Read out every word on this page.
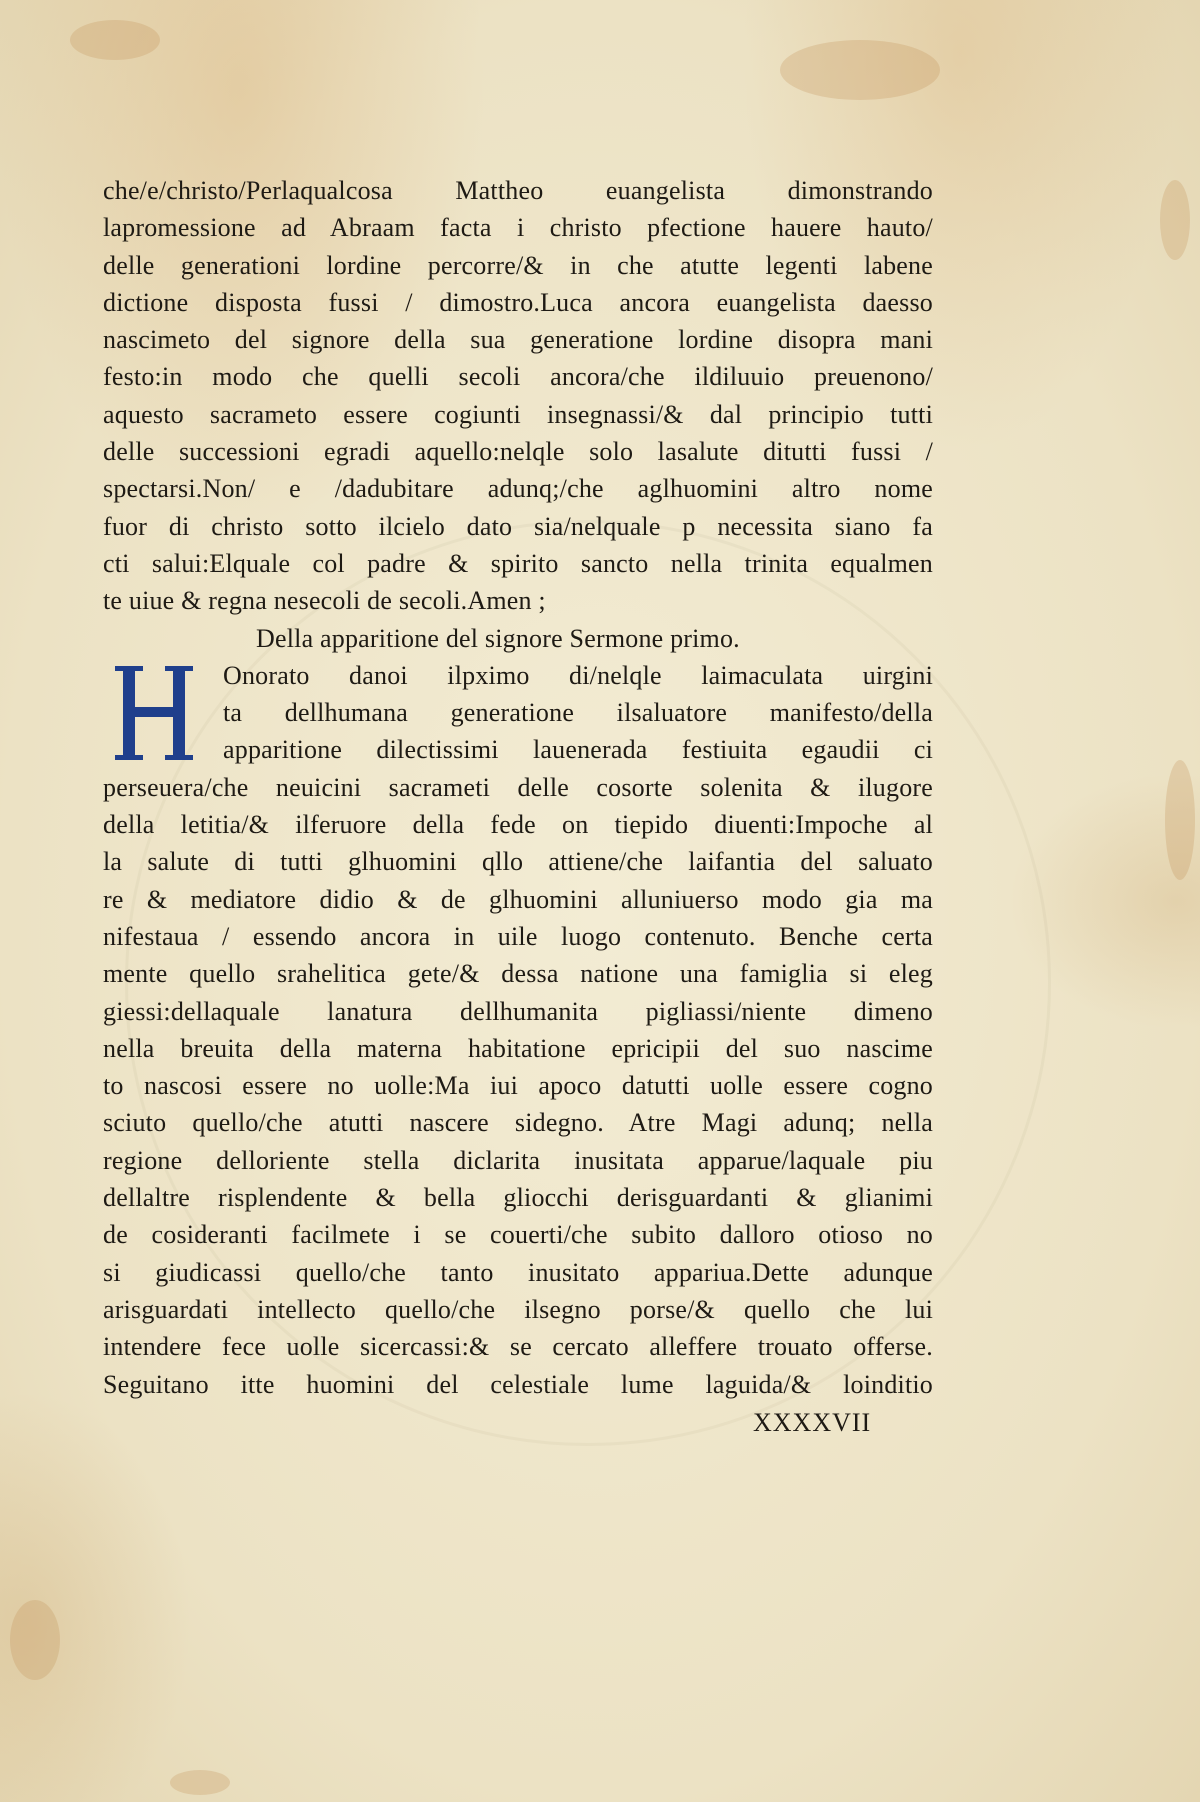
che/e/christo/Perlaqualcosa Mattheo euangelista dimonstrando
lapromessione ad Abraam facta i christo pfectione hauere hauto/
delle generationi lordine percorre/& in che atutte legenti labene
dictione disposta fussi / dimostro.Luca ancora euangelista daesso
nascimeto del signore della sua generatione lordine disopra mani
festo:in modo che quelli secoli ancora/che ildiluuio preuenono/
aquesto sacrameto essere cogiunti insegnassi/& dal principio tutti
delle successioni egradi aquello:nelqle solo lasalute ditutti fussi /
spectarsi.Non/ e /dadubitare adunq;/che aglhuomini altro nome
fuor di christo sotto ilcielo dato sia/nelquale p necessita siano fa
cti salui:Elquale col padre & spirito sancto nella trinita equalmen
te uiue & regna nesecoli de secoli.Amen ;
Della apparitione del signore Sermone primo.
Onorato danoi ilpximo di/nelqle laimaculata uirgini
ta dellhumana generatione ilsaluatore manifesto/della
apparitione dilectissimi lauenerada festiuita egaudii ci
perseuera/che neuicini sacrameti delle cosorte solenita & ilugore
della letitia/& ilferuore della fede on tiepido diuenti:Impoche al
la salute di tutti glhuomini qllo attiene/che laifantia del saluato
re & mediatore didio & de glhuomini alluniuerso modo gia ma
nifestaua / essendo ancora in uile luogo contenuto. Benche certa
mente quello srahelitica gete/& dessa natione una famiglia si eleg
giessi:dellaquale lanatura dellhumanita pigliassi/niente dimeno
nella breuita della materna habitatione epricipii del suo nascime
to nascosi essere no uolle:Ma iui apoco datutti uolle essere cogno
sciuto quello/che atutti nascere sidegno. Atre Magi adunq; nella
regione delloriente stella diclarita inusitata apparue/laquale piu
dellaltre risplendente & bella gliocchi derisguardanti & glianimi
de cosideranti facilmete i se couerti/che subito dalloro otioso no
si giudicassi quello/che tanto inusitato appariua.Dette adunque
arisguardati intellecto quello/che ilsegno porse/& quello che lui
intendere fece uolle sicercassi:& se cercato alleffere trouato offerse.
Seguitano itte huomini del celestiale lume laguida/& loinditio
XXXXVII
